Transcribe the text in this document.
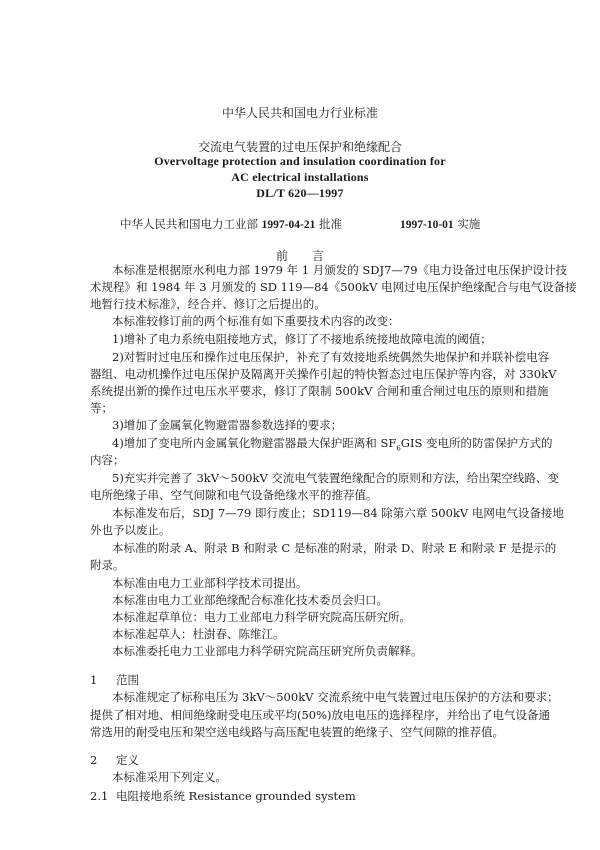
中华人民共和国电力行业标准
交流电气装置的过电压保护和绝缘配合
Overvoltage protection and insulation coordination for
AC electrical installations
DL/T 620—1997
中华人民共和国电力工业部 1997-04-21 批准	1997-10-01 实施
前　　言
本标准是根据原水利电力部 1979 年 1 月颁发的 SDJ7—79《电力设备过电压保护设计技
术规程》和 1984 年 3 月颁发的 SD 119—84《500kV 电网过电压保护绝缘配合与电气设备接
地暂行技术标准》，经合并、修订之后提出的。
本标准较修订前的两个标准有如下重要技术内容的改变：
1)增补了电力系统电阻接地方式，修订了不接地系统接地故障电流的阈值；
2)对暂时过电压和操作过电压保护，补充了有效接地系统偶然失地保护和并联补偿电容
器组、电动机操作过电压保护及隔离开关操作引起的特快暂态过电压保护等内容，对 330kV
系统提出新的操作过电压水平要求，修订了限制 500kV 合闸和重合闸过电压的原则和措施
等；
3)增加了金属氧化物避雷器参数选择的要求；
4)增加了变电所内金属氧化物避雷器最大保护距离和 $SF_6GIS$ 变电所的防雷保护方式的
内容；
5)充实并完善了 3kV～500kV 交流电气装置绝缘配合的原则和方法，给出架空线路、变
电所绝缘子串、空气间隙和电气设备绝缘水平的推荐值。
本标准发布后，SDJ 7—79 即行废止；SD119—84 除第六章 500kV 电网电气设备接地
外也予以废止。
本标准的附录 A、附录 B 和附录 C 是标准的附录，附录 D、附录 E 和附录 F 是提示的
附录。
本标准由电力工业部科学技术司提出。
本标准由电力工业部绝缘配合标准化技术委员会归口。
本标准起草单位：电力工业部电力科学研究院高压研究所。
本标准起草人：杜澍春、陈维江。
本标准委托电力工业部电力科学研究院高压研究所负责解释。
1 范围
本标准规定了标称电压为 3kV～500kV 交流系统中电气装置过电压保护的方法和要求；
提供了相对地、相间绝缘耐受电压或平均(50%)放电电压的选择程序，并给出了电气设备通
常选用的耐受电压和架空送电线路与高压配电装置的绝缘子、空气间隙的推荐值。
2 定义
本标准采用下列定义。
2.1 电阻接地系统 Resistance grounded system
